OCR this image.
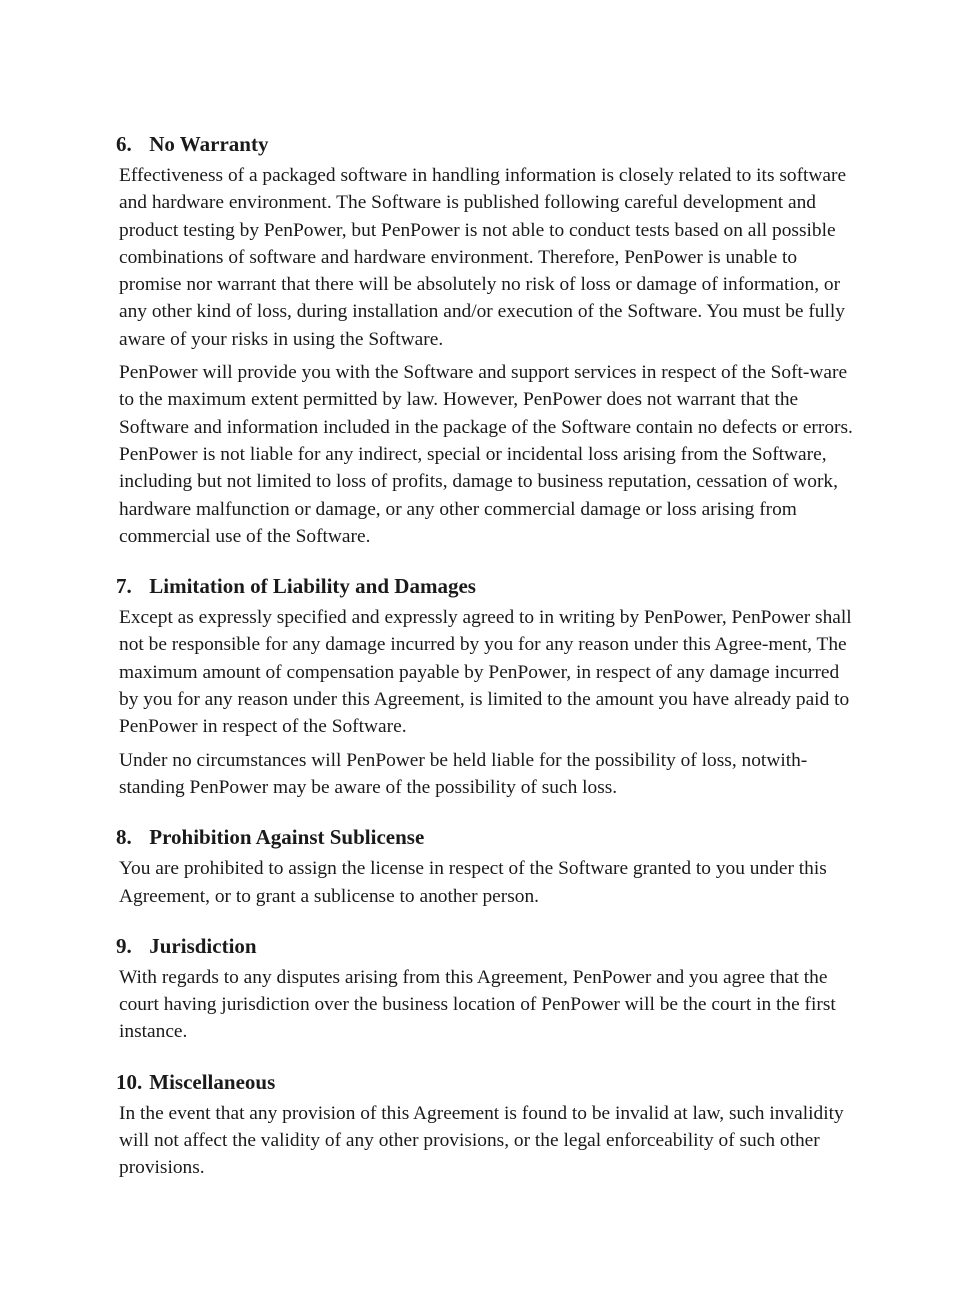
6. No Warranty

Effectiveness of a packaged software in handling information is closely related to its software and hardware environment. The Software is published following careful development and product testing by PenPower, but PenPower is not able to conduct tests based on all possible combinations of software and hardware environment. Therefore, PenPower is unable to promise nor warrant that there will be absolutely no risk of loss or damage of information, or any other kind of loss, during installation and/or execution of the Software. You must be fully aware of your risks in using the Software.

PenPower will provide you with the Software and support services in respect of the Soft-ware to the maximum extent permitted by law. However, PenPower does not warrant that the Software and information included in the package of the Software contain no defects or errors. PenPower is not liable for any indirect, special or incidental loss arising from the Software, including but not limited to loss of profits, damage to business reputation, cessation of work, hardware malfunction or damage, or any other commercial damage or loss arising from commercial use of the Software.

7. Limitation of Liability and Damages

Except as expressly specified and expressly agreed to in writing by PenPower, PenPower shall not be responsible for any damage incurred by you for any reason under this Agree-ment, The maximum amount of compensation payable by PenPower, in respect of any damage incurred by you for any reason under this Agreement, is limited to the amount you have already paid to PenPower in respect of the Software.

Under no circumstances will PenPower be held liable for the possibility of loss, notwith-standing PenPower may be aware of the possibility of such loss.

8. Prohibition Against Sublicense

You are prohibited to assign the license in respect of the Software granted to you under this Agreement, or to grant a sublicense to another person.

9. Jurisdiction

With regards to any disputes arising from this Agreement, PenPower and you agree that the court having jurisdiction over the business location of PenPower will be the court in the first instance.

10. Miscellaneous

In the event that any provision of this Agreement is found to be invalid at law, such invalidity will not affect the validity of any other provisions, or the legal enforceability of such other provisions.
